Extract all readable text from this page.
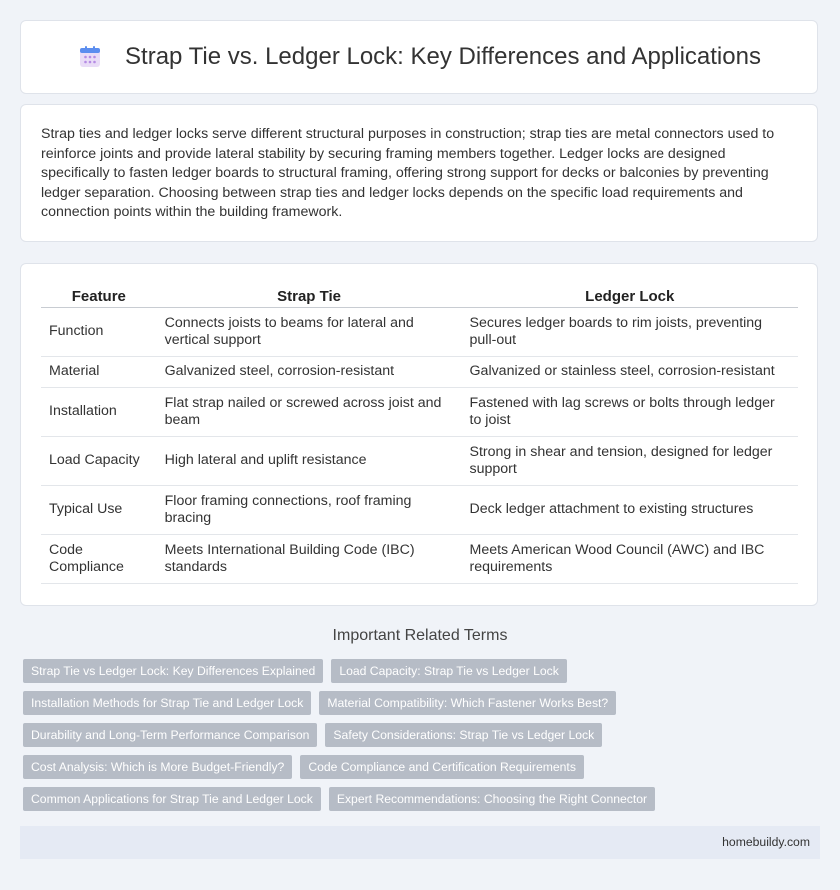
Strap Tie vs. Ledger Lock: Key Differences and Applications

Strap ties and ledger locks serve different structural purposes in construction; strap ties are metal connectors used to reinforce joints and provide lateral stability by securing framing members together. Ledger locks are designed specifically to fasten ledger boards to structural framing, offering strong support for decks or balconies by preventing ledger separation. Choosing between strap ties and ledger locks depends on the specific load requirements and connection points within the building framework.

Feature	Strap Tie	Ledger Lock
Function	Connects joists to beams for lateral and vertical support	Secures ledger boards to rim joists, preventing pull-out
Material	Galvanized steel, corrosion-resistant	Galvanized or stainless steel, corrosion-resistant
Installation	Flat strap nailed or screwed across joist and beam	Fastened with lag screws or bolts through ledger to joist
Load Capacity	High lateral and uplift resistance	Strong in shear and tension, designed for ledger support
Typical Use	Floor framing connections, roof framing bracing	Deck ledger attachment to existing structures
Code Compliance	Meets International Building Code (IBC) standards	Meets American Wood Council (AWC) and IBC requirements
Important Related Terms
Strap Tie vs Ledger Lock: Key Differences Explained	Load Capacity: Strap Tie vs Ledger Lock
Installation Methods for Strap Tie and Ledger Lock	Material Compatibility: Which Fastener Works Best?
Durability and Long-Term Performance Comparison	Safety Considerations: Strap Tie vs Ledger Lock
Cost Analysis: Which is More Budget-Friendly?	Code Compliance and Certification Requirements
Common Applications for Strap Tie and Ledger Lock	Expert Recommendations: Choosing the Right Connector
homebuildy.com
